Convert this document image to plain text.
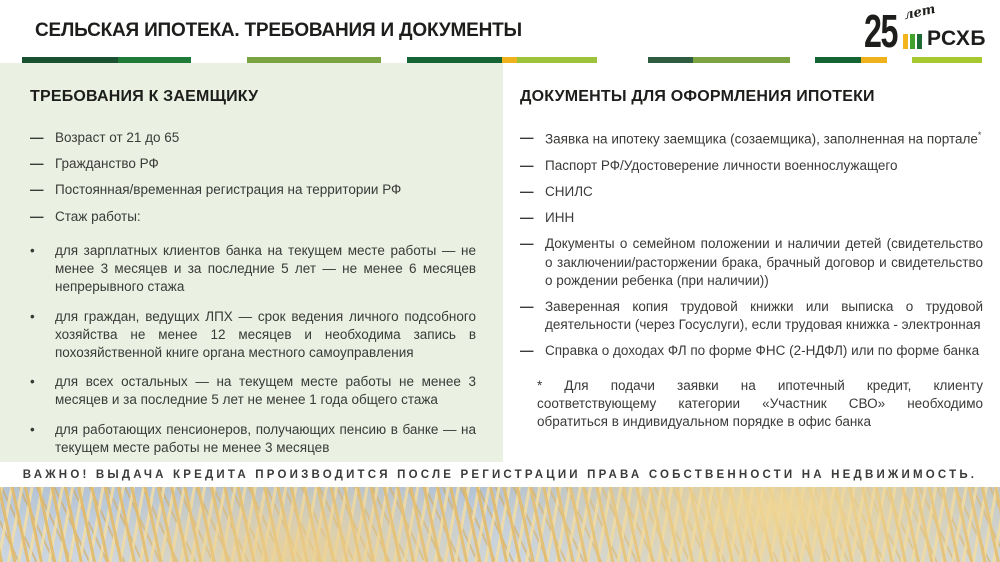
СЕЛЬСКАЯ ИПОТЕКА. ТРЕБОВАНИЯ И ДОКУМЕНТЫ	25 лет
РСХБ
ТРЕБОВАНИЯ К ЗАЕМЩИКУ
— Возраст от 21 до 65
— Гражданство РФ
— Постоянная/временная регистрация на территории РФ
— Стаж работы:
•	для зарплатных клиентов банка на текущем месте работы — не менее 3 месяцев и за последние 5 лет — не менее 6 месяцев непрерывного стажа
•	для граждан, ведущих ЛПХ — срок ведения личного подсобного хозяйства не менее 12 месяцев и необходима запись в похозяйственной книге органа местного самоуправления
•	для всех остальных — на текущем месте работы не менее 3 месяцев и за последние 5 лет не менее 1 года общего стажа
•	для работающих пенсионеров, получающих пенсию в банке — на текущем месте работы не менее 3 месяцев
ДОКУМЕНТЫ ДЛЯ ОФОРМЛЕНИЯ ИПОТЕКИ
— Заявка на ипотеку заемщика (созаемщика), заполненная на портале*
— Паспорт РФ/Удостоверение личности военнослужащего
— СНИЛС
— ИНН
— Документы о семейном положении и наличии детей (свидетельство о заключении/расторжении брака, брачный договор и свидетельство о рождении ребенка (при наличии))
— Заверенная копия трудовой книжки или выписка о трудовой деятельности (через Госуслуги), если трудовая книжка - электронная
— Справка о доходах ФЛ по форме ФНС (2-НДФЛ) или по форме банка
* Для подачи заявки на ипотечный кредит, клиенту соответствующему категории «Участник СВО» необходимо обратиться в индивидуальном порядке в офис банка
ВАЖНО! ВЫДАЧА КРЕДИТА ПРОИЗВОДИТСЯ ПОСЛЕ РЕГИСТРАЦИИ ПРАВА СОБСТВЕННОСТИ НА НЕДВИЖИМОСТЬ.
